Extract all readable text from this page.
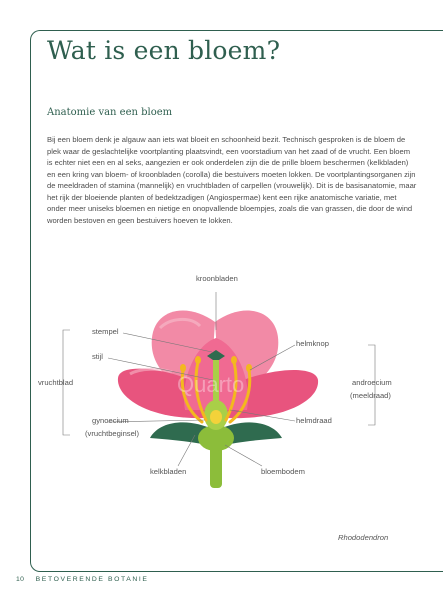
Wat is een bloem?
Anatomie van een bloem

Bij een bloem denk je algauw aan iets wat bloeit en schoonheid bezit. Technisch gesproken is de bloem de plek waar de geslachtelijke voortplanting plaatsvindt, een voorstadium van het zaad of de vrucht. Een bloem is echter niet een en al seks, aangezien er ook onderdelen zijn die de prille bloem beschermen (kelkbladen) en een kring van bloem- of kroonbladen (corolla) die bestuivers moeten lokken. De voortplantingsorganen zijn de meeldraden of stamina (mannelijk) en vruchtbladen of carpellen (vrouwelijk). Dit is de basisanatomie, maar het rijk der bloeiende planten of bedektzadigen (Angiospermae) kent een rijke anatomische variatie, met onder meer uniseks bloemen en nietige en onopvallende bloempjes, zoals die van grassen, die door de wind worden bestoven en geen bestuivers hoeven te lokken.

Quarto
kroonbladen
stempel
stijl
vruchtblad
gynoecium
(vruchtbeginsel)
kelkbladen
helmknop
androecium
(meeldraad)
helmdraad
bloembodem
Rhododendron
10 BETOVERENDE BOTANIE
